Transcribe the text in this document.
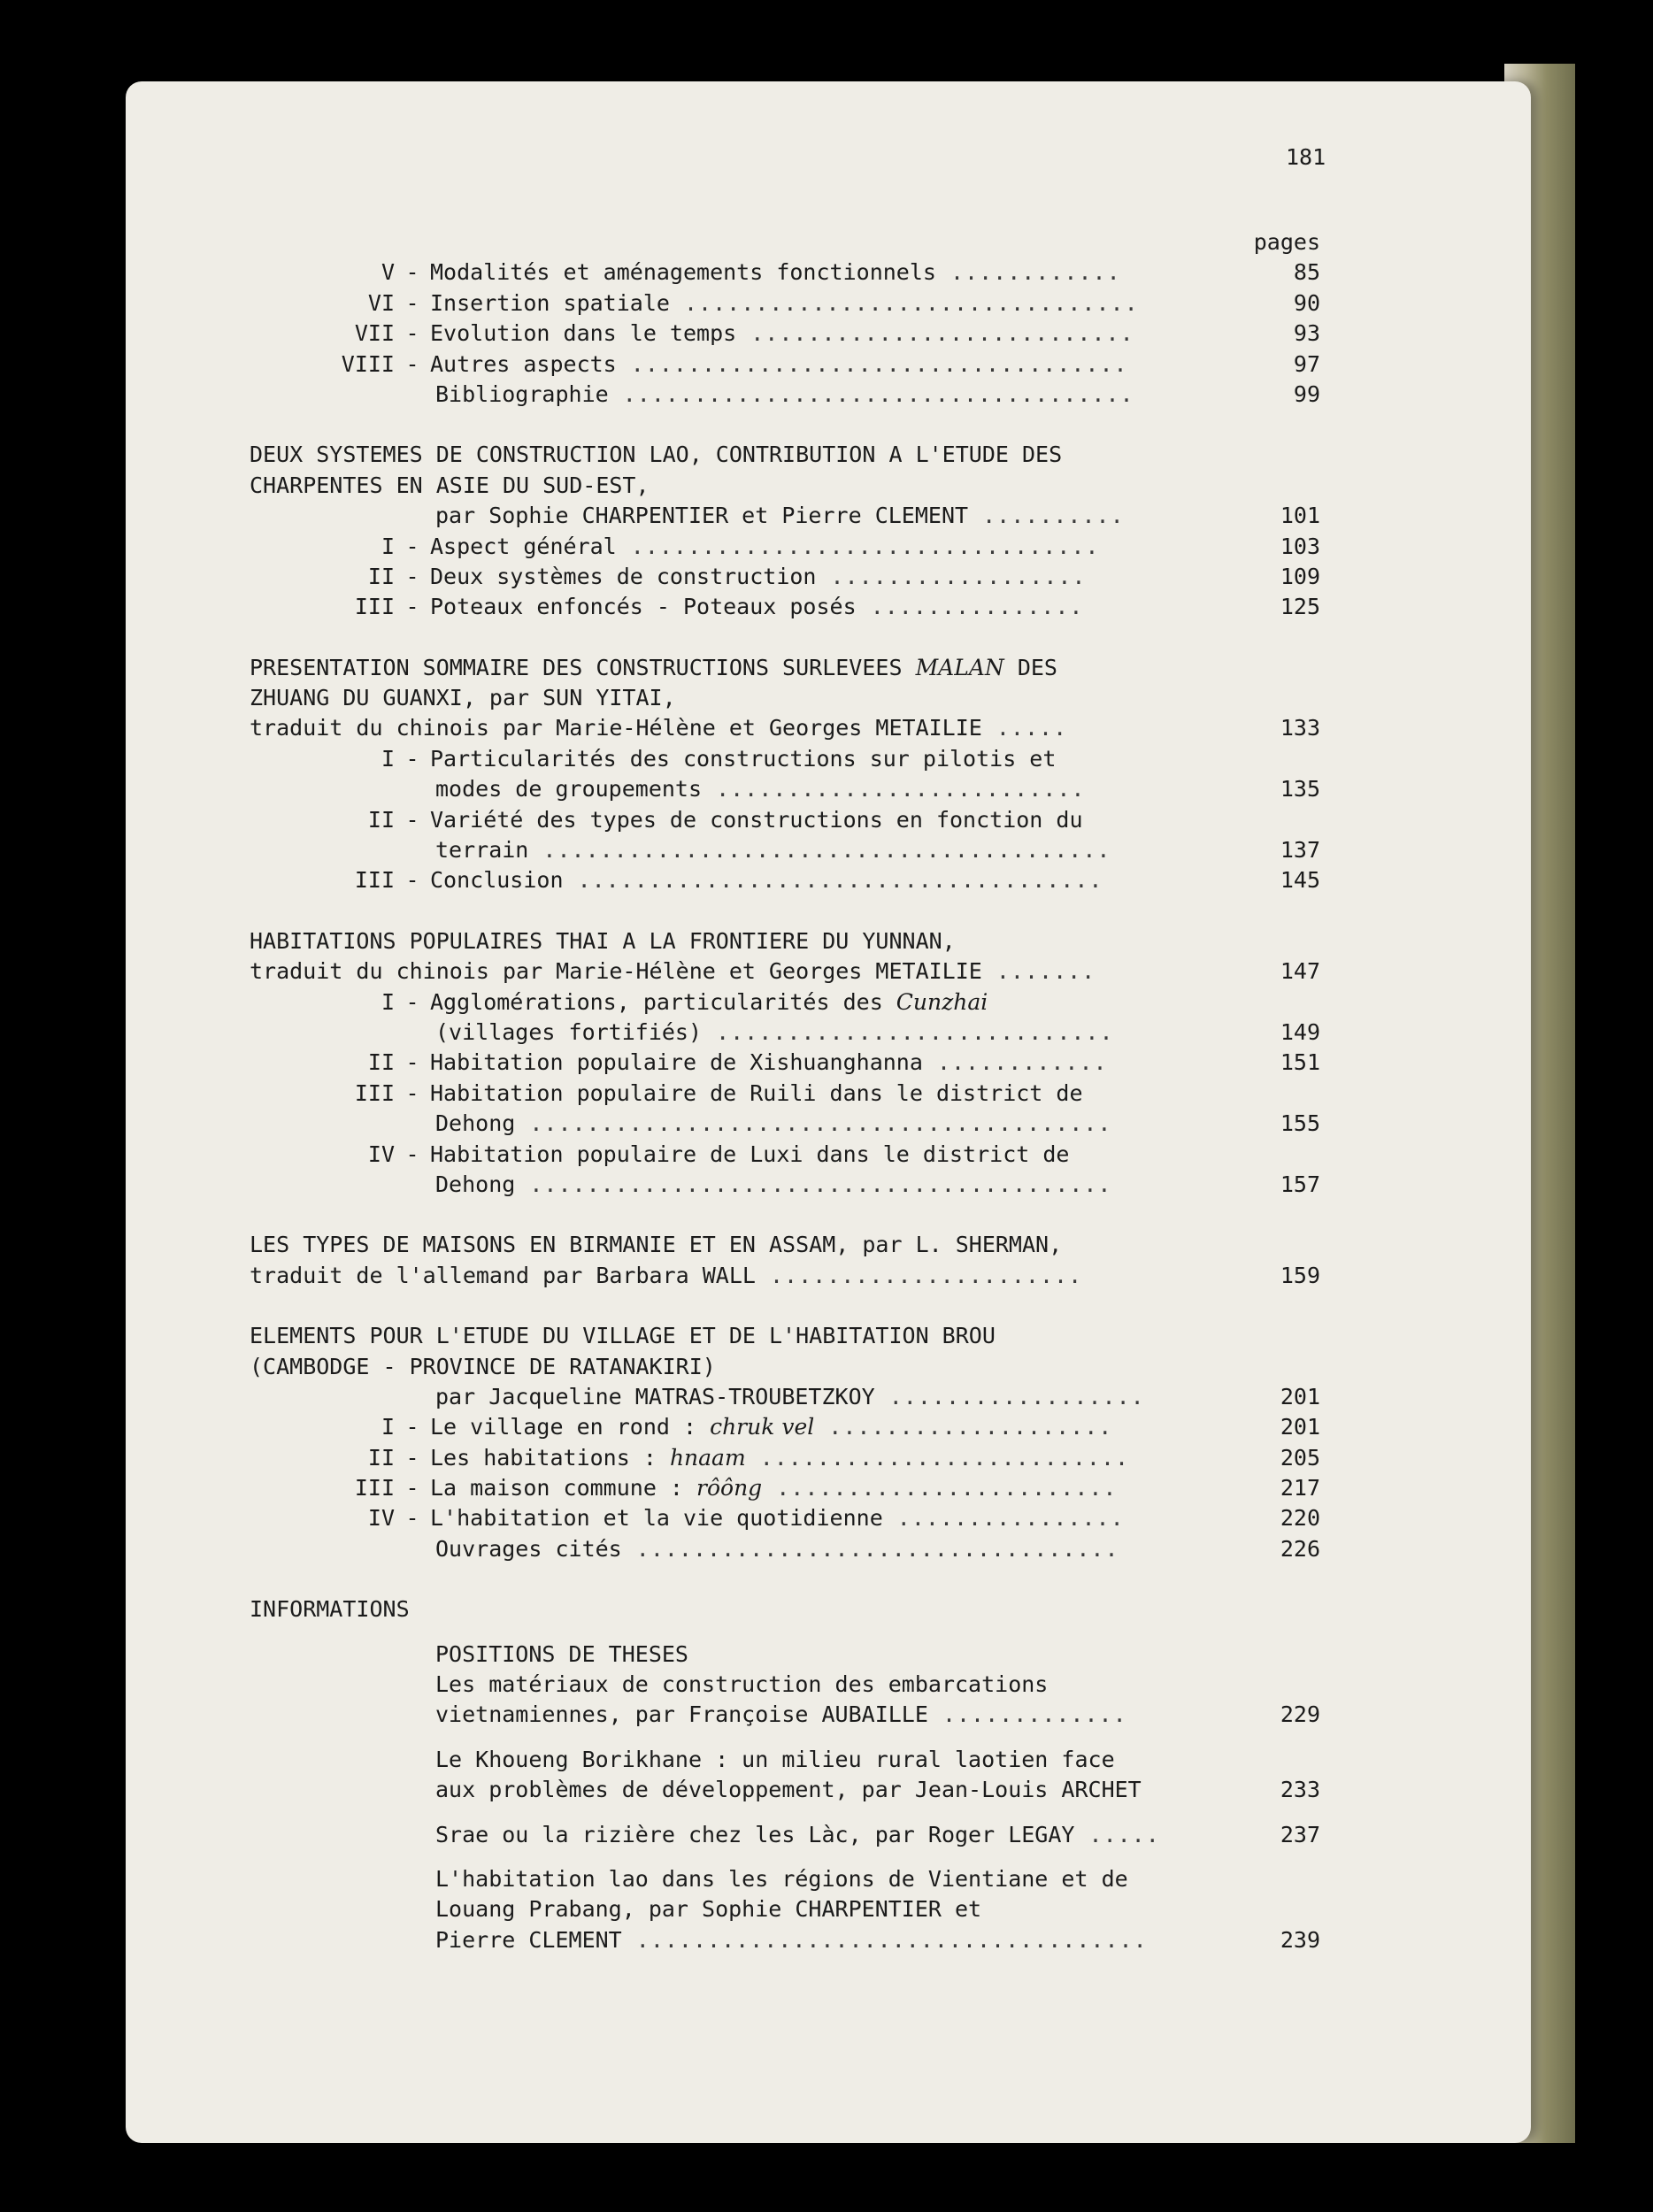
181
pages
V - Modalités et aménagements fonctionnels ............	85
VI - Insertion spatiale ................................	90
VII - Evolution dans le temps ...........................	93
VIII - Autres aspects ...................................	97
Bibliographie ....................................	99
DEUX SYSTEMES DE CONSTRUCTION LAO, CONTRIBUTION A L'ETUDE DES
CHARPENTES EN ASIE DU SUD-EST,
par Sophie CHARPENTIER et Pierre CLEMENT ..........	101
I - Aspect général .................................	103
II - Deux systèmes de construction ..................	109
III - Poteaux enfoncés - Poteaux posés ...............	125
PRESENTATION SOMMAIRE DES CONSTRUCTIONS SURLEVEES MALAN DES
ZHUANG DU GUANXI, par SUN YITAI,
traduit du chinois par Marie-Hélène et Georges METAILIE .....	133
I - Particularités des constructions sur pilotis et
modes de groupements ..........................	135
II - Variété des types de constructions en fonction du
terrain ........................................	137
III - Conclusion .....................................	145
HABITATIONS POPULAIRES THAI A LA FRONTIERE DU YUNNAN,
traduit du chinois par Marie-Hélène et Georges METAILIE .......	147
I - Agglomérations, particularités des Cunzhai
(villages fortifiés) ............................	149
II - Habitation populaire de Xishuanghanna ............	151
III - Habitation populaire de Ruili dans le district de
Dehong .........................................	155
IV - Habitation populaire de Luxi dans le district de
Dehong .........................................	157
LES TYPES DE MAISONS EN BIRMANIE ET EN ASSAM, par L. SHERMAN,
traduit de l'allemand par Barbara WALL ......................	159
ELEMENTS POUR L'ETUDE DU VILLAGE ET DE L'HABITATION BROU
(CAMBODGE - PROVINCE DE RATANAKIRI)
par Jacqueline MATRAS-TROUBETZKOY ..................	201
I - Le village en rond : chruk vel ....................	201
II - Les habitations : hnaam ..........................	205
III - La maison commune : rôông ........................	217
IV - L'habitation et la vie quotidienne ................	220
Ouvrages cités ..................................	226
INFORMATIONS
POSITIONS DE THESES
Les matériaux de construction des embarcations
vietnamiennes, par Françoise AUBAILLE .............	229
Le Khoueng Borikhane : un milieu rural laotien face
aux problèmes de développement, par Jean-Louis ARCHET	233
Srae ou la rizière chez les Làc, par Roger LEGAY .....	237
L'habitation lao dans les régions de Vientiane et de
Louang Prabang, par Sophie CHARPENTIER et
Pierre CLEMENT ....................................	239
